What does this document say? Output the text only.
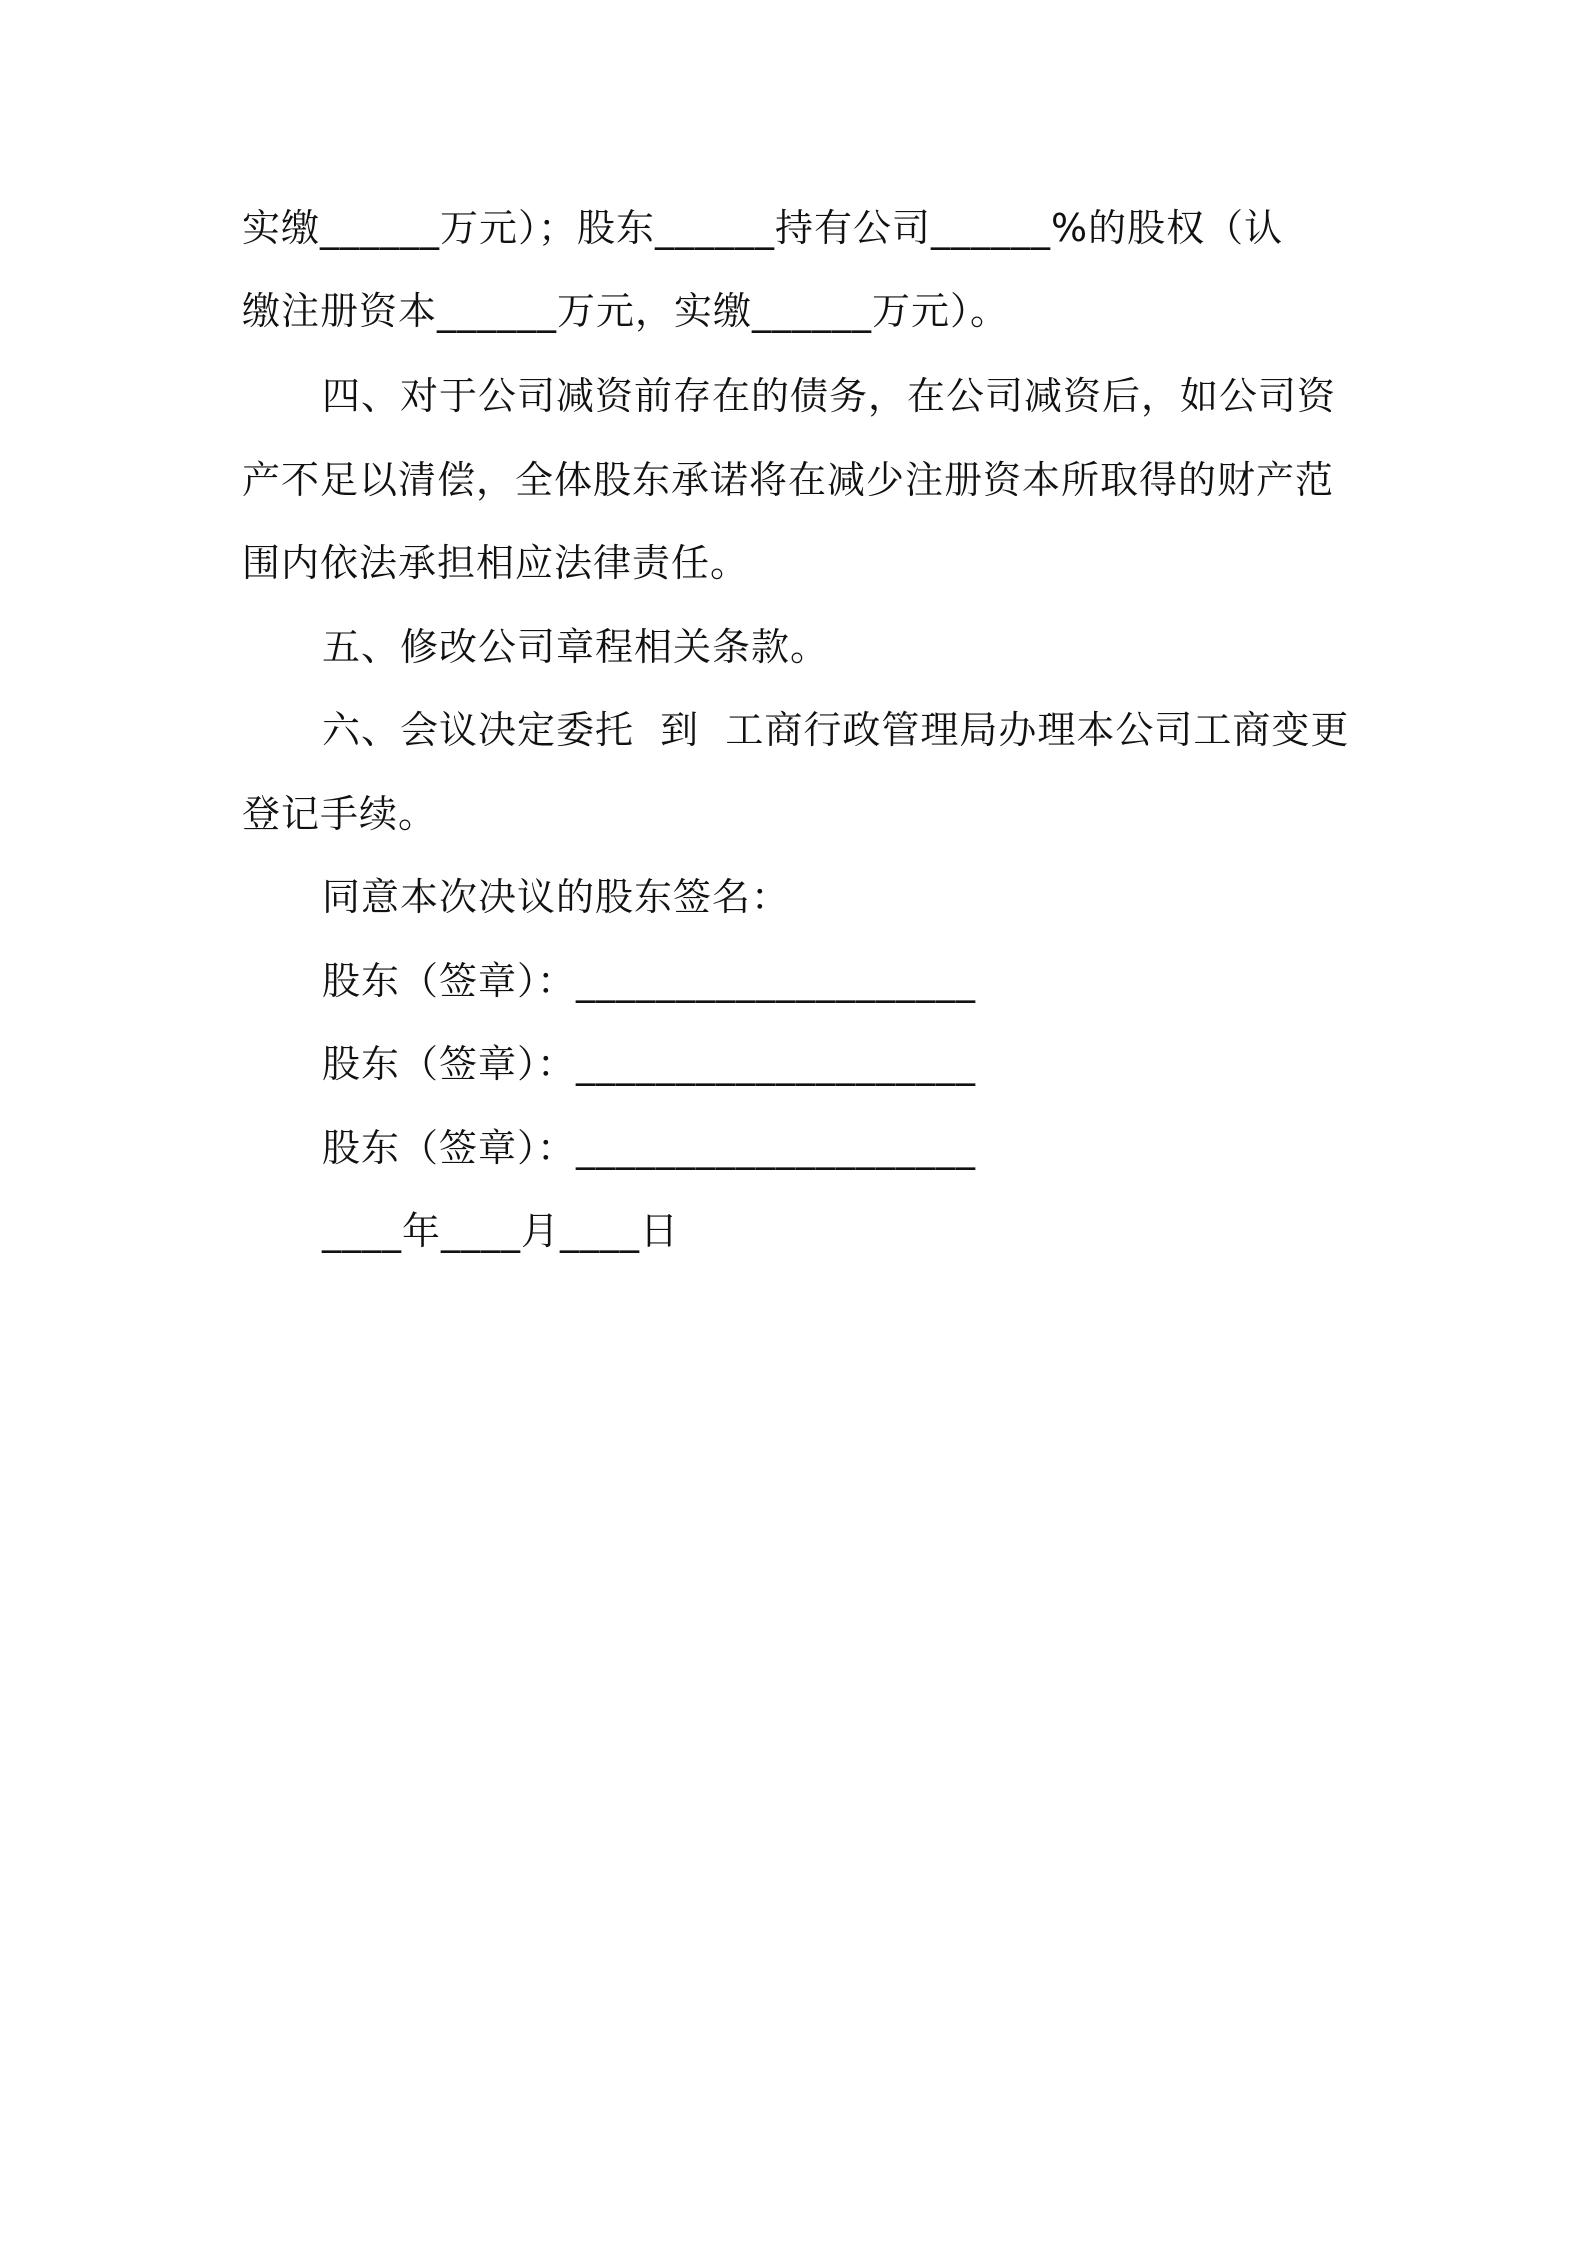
实缴______万元）；股东______持有公司______%的股权（认
缴注册资本______万元，实缴______万元）。
四、对于公司减资前存在的债务，在公司减资后，如公司资
产不足以清偿，全体股东承诺将在减少注册资本所取得的财产范
围内依法承担相应法律责任。
五、修改公司章程相关条款。
六、会议决定委托  到  工商行政管理局办理本公司工商变更
登记手续。
同意本次决议的股东签名：
股东（签章）：____________________
股东（签章）：____________________
股东（签章）：____________________
____年____月____日
